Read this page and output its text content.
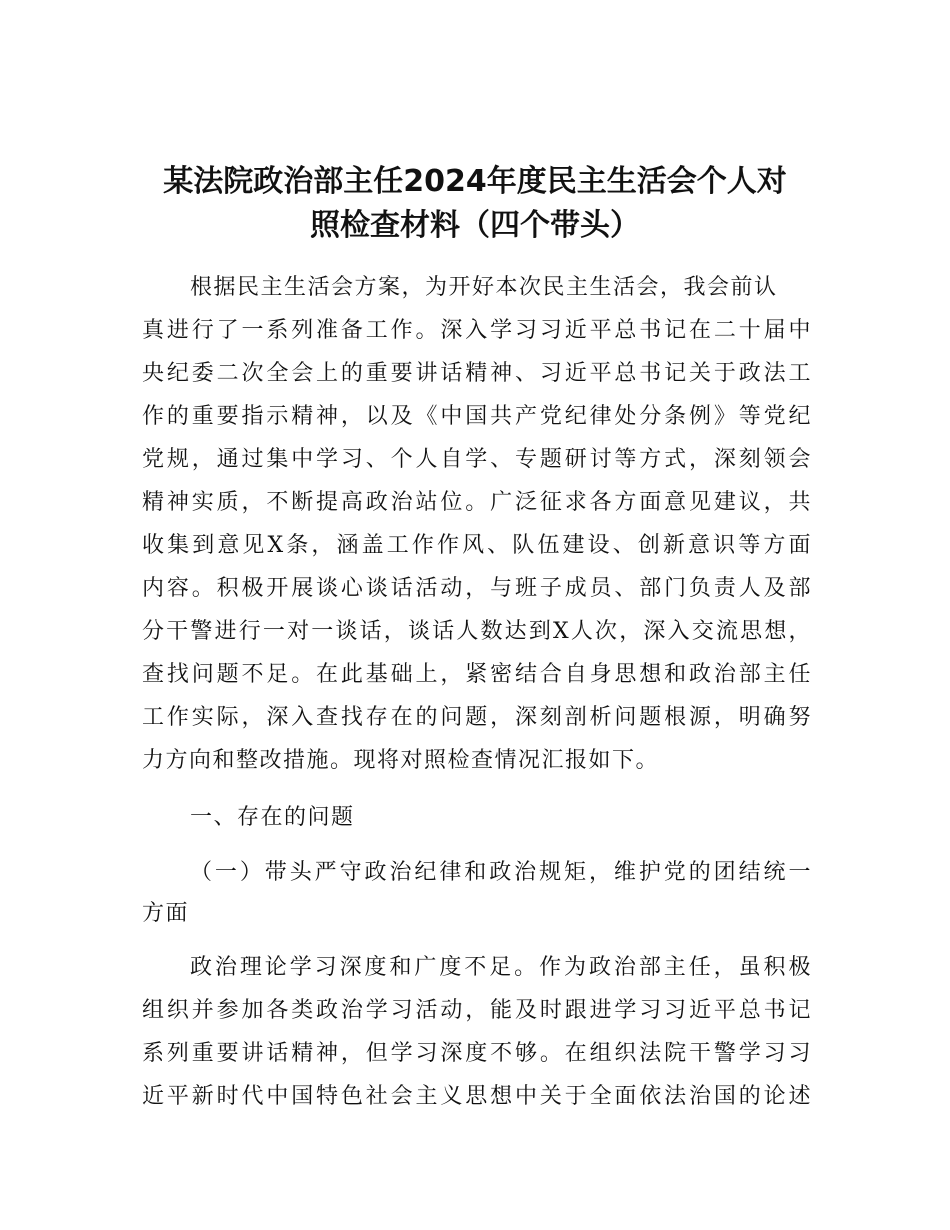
某法院政治部主任2024年度民主生活会个人对
照检查材料（四个带头）
根据民主生活会方案，为开好本次民主生活会，我会前认
真进行了一系列准备工作。深入学习习近平总书记在二十届中
央纪委二次全会上的重要讲话精神、习近平总书记关于政法工
作的重要指示精神，以及《中国共产党纪律处分条例》等党纪
党规，通过集中学习、个人自学、专题研讨等方式，深刻领会
精神实质，不断提高政治站位。广泛征求各方面意见建议，共
收集到意见X条，涵盖工作作风、队伍建设、创新意识等方面
内容。积极开展谈心谈话活动，与班子成员、部门负责人及部
分干警进行一对一谈话，谈话人数达到X人次，深入交流思想，
查找问题不足。在此基础上，紧密结合自身思想和政治部主任
工作实际，深入查找存在的问题，深刻剖析问题根源，明确努
力方向和整改措施。现将对照检查情况汇报如下。
一、存在的问题
（一）带头严守政治纪律和政治规矩，维护党的团结统一
方面
政治理论学习深度和广度不足。作为政治部主任，虽积极
组织并参加各类政治学习活动，能及时跟进学习习近平总书记
系列重要讲话精神，但学习深度不够。在组织法院干警学习习
近平新时代中国特色社会主义思想中关于全面依法治国的论述
